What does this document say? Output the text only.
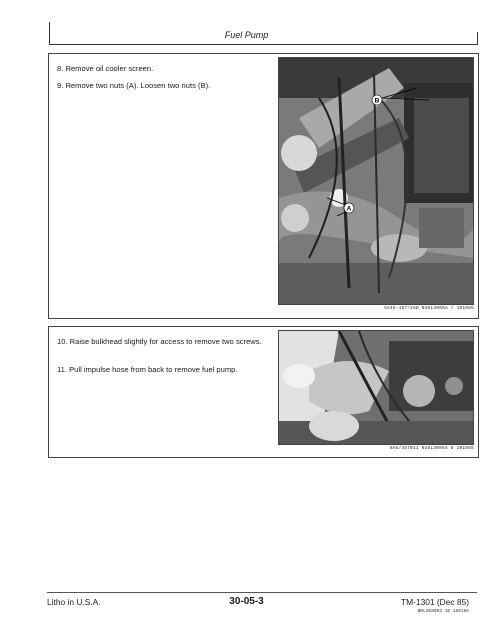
Fuel Pump
8. Remove oil cooler screen.
9. Remove two nuts (A). Loosen two nuts (B).
B
A
5AIG-457/15D N4SL3005A / 101085
10. Raise bulkhead slightly for access to remove two screws.
11. Pull impulse hose from back to remove fuel pump.
5AG/457011 N4SL3005A 6 101085
Litho in U.S.A.	30-05-3	TM-1301 (Dec 85)
BRLSE0003 10 150185
